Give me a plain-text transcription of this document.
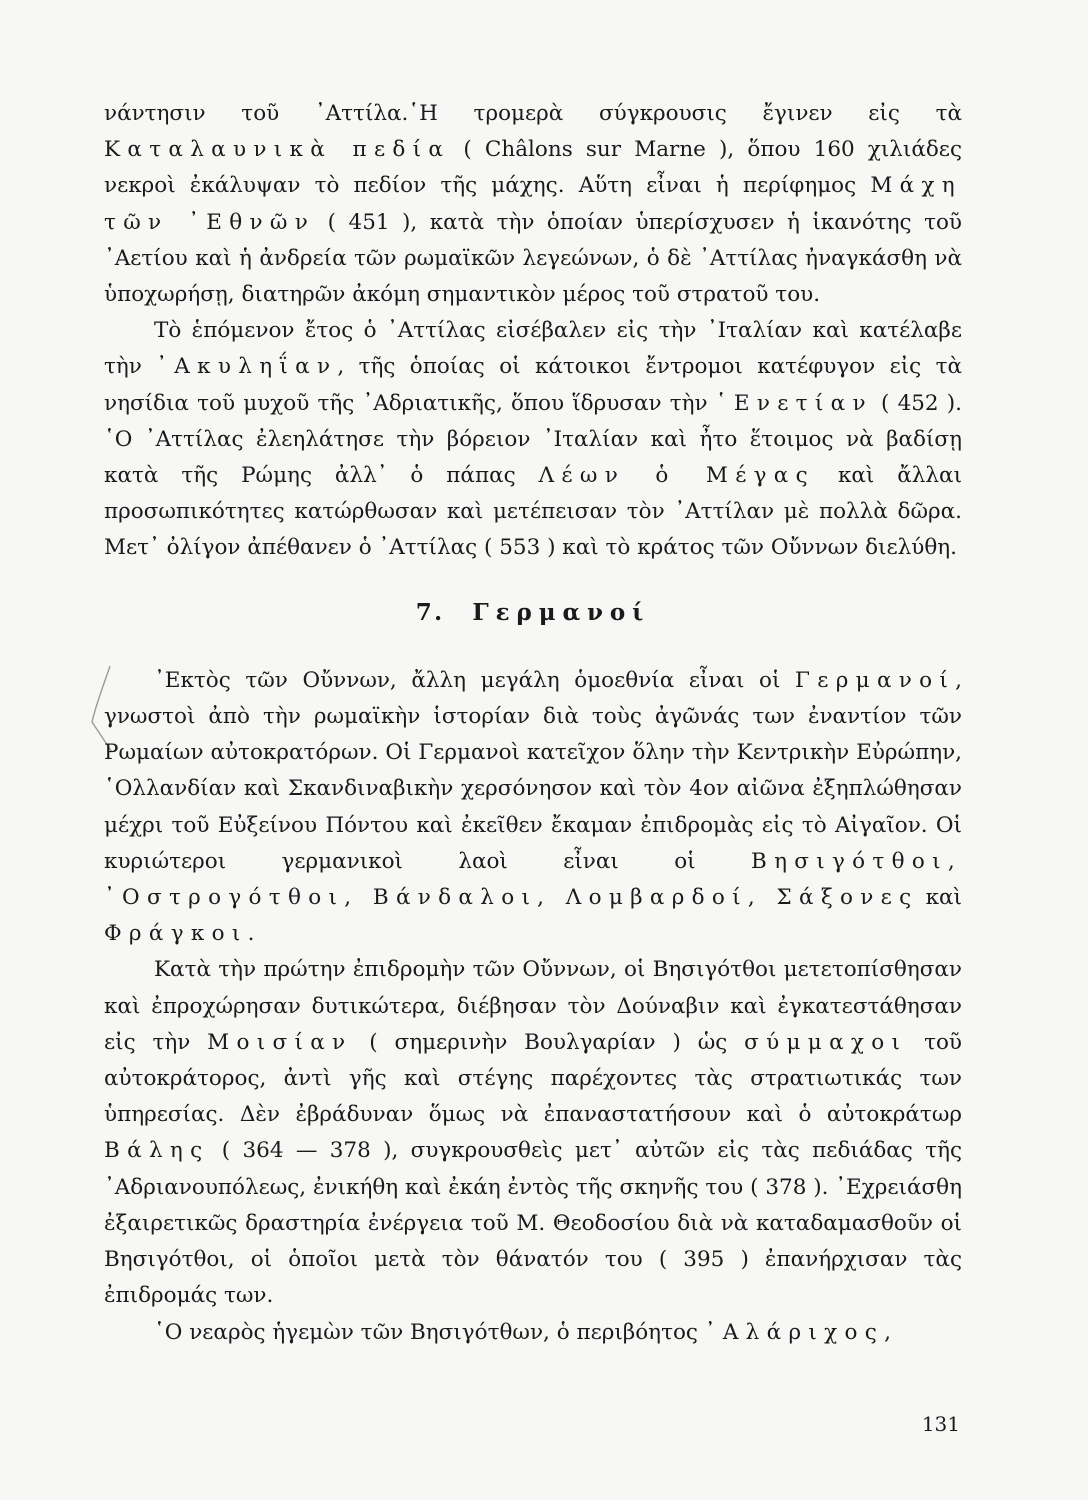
νάντησιν τοῦ ᾿Αττίλα.῾Η τρομερὰ σύγκρουσις ἔγινεν εἰς τὰ Καταλαυνικὰ πεδία ( Châlons sur Marne ), ὅπου 160 χιλιάδες νεκροὶ ἐκάλυψαν τὸ πεδίον τῆς μάχης. Αὕτη εἶναι ἡ περίφημος Μάχη τῶν ᾿Εθνῶν ( 451 ), κατὰ τὴν ὁποίαν ὑπερίσχυσεν ἡ ἱκανότης τοῦ ᾿Αετίου καὶ ἡ ἀνδρεία τῶν ρωμαϊκῶν λεγεώνων, ὁ δὲ ᾿Αττίλας ἠναγκάσθη νὰ ὑποχωρήσῃ, διατηρῶν ἀκόμη σημαντικὸν μέρος τοῦ στρατοῦ του.

Τὸ ἑπόμενον ἔτος ὁ ᾿Αττίλας εἰσέβαλεν εἰς τὴν ᾿Ιταλίαν καὶ κατέλαβε τὴν ᾿Ακυληΐαν, τῆς ὁποίας οἱ κάτοικοι ἔντρομοι κατέφυγον εἰς τὰ νησίδια τοῦ μυχοῦ τῆς ᾿Αδριατικῆς, ὅπου ἵδρυσαν τὴν ῾Ενετίαν ( 452 ). ῾Ο ᾿Αττίλας ἐλεηλάτησε τὴν βόρειον ᾿Ιταλίαν καὶ ἦτο ἕτοιμος νὰ βαδίσῃ κατὰ τῆς Ρώμης ἀλλ᾿ ὁ πάπας Λέων ὁ Μέγας καὶ ἄλλαι προσωπικότητες κατώρθωσαν καὶ μετέπεισαν τὸν ᾿Αττίλαν μὲ πολλὰ δῶρα. Μετ᾿ ὀλίγον ἀπέθανεν ὁ ᾿Αττίλας ( 553 ) καὶ τὸ κράτος τῶν Οὔννων διελύθη.

7. Γερμανοί

᾿Εκτὸς τῶν Οὔννων, ἄλλη μεγάλη ὁμοεθνία εἶναι οἱ Γερμανοί, γνωστοὶ ἀπὸ τὴν ρωμαϊκὴν ἱστορίαν διὰ τοὺς ἀγῶνάς των ἐναντίον τῶν Ρωμαίων αὐτοκρατόρων. Οἱ Γερμανοὶ κατεῖχον ὅλην τὴν Κεντρικὴν Εὐρώπην, ῾Ολλανδίαν καὶ Σκανδιναβικὴν χερσόνησον καὶ τὸν 4ον αἰῶνα ἐξηπλώθησαν μέχρι τοῦ Εὐξείνου Πόντου καὶ ἐκεῖθεν ἔκαμαν ἐπιδρομὰς εἰς τὸ Αἰγαῖον. Οἱ κυριώτεροι γερμανικοὶ λαοὶ εἶναι οἱ Βησιγότθοι, ᾿Οστρογότθοι, Βάνδαλοι, Λομβαρδοί, Σάξονες καὶ Φράγκοι.

Κατὰ τὴν πρώτην ἐπιδρομὴν τῶν Οὔννων, οἱ Βησιγότθοι μετετοπίσθησαν καὶ ἐπροχώρησαν δυτικώτερα, διέβησαν τὸν Δούναβιν καὶ ἐγκατεστάθησαν εἰς τὴν Μοισίαν ( σημερινὴν Βουλγαρίαν ) ὡς σύμμαχοι τοῦ αὐτοκράτορος, ἀντὶ γῆς καὶ στέγης παρέχοντες τὰς στρατιωτικάς των ὑπηρεσίας. Δὲν ἐβράδυναν ὅμως νὰ ἐπαναστατήσουν καὶ ὁ αὐτοκράτωρ Βάλης ( 364 — 378 ), συγκρουσθεὶς μετ᾿ αὐτῶν εἰς τὰς πεδιάδας τῆς ᾿Αδριανουπόλεως, ἐνικήθη καὶ ἐκάη ἐντὸς τῆς σκηνῆς του ( 378 ). ᾿Εχρειάσθη ἐξαιρετικῶς δραστηρία ἐνέργεια τοῦ Μ. Θεοδοσίου διὰ νὰ καταδαμασθοῦν οἱ Βησιγότθοι, οἱ ὁποῖοι μετὰ τὸν θάνατόν του ( 395 ) ἐπανήρχισαν τὰς ἐπιδρομάς των.

῾Ο νεαρὸς ἡγεμὼν τῶν Βησιγότθων, ὁ περιβόητος ᾿Αλάριχος,

131
